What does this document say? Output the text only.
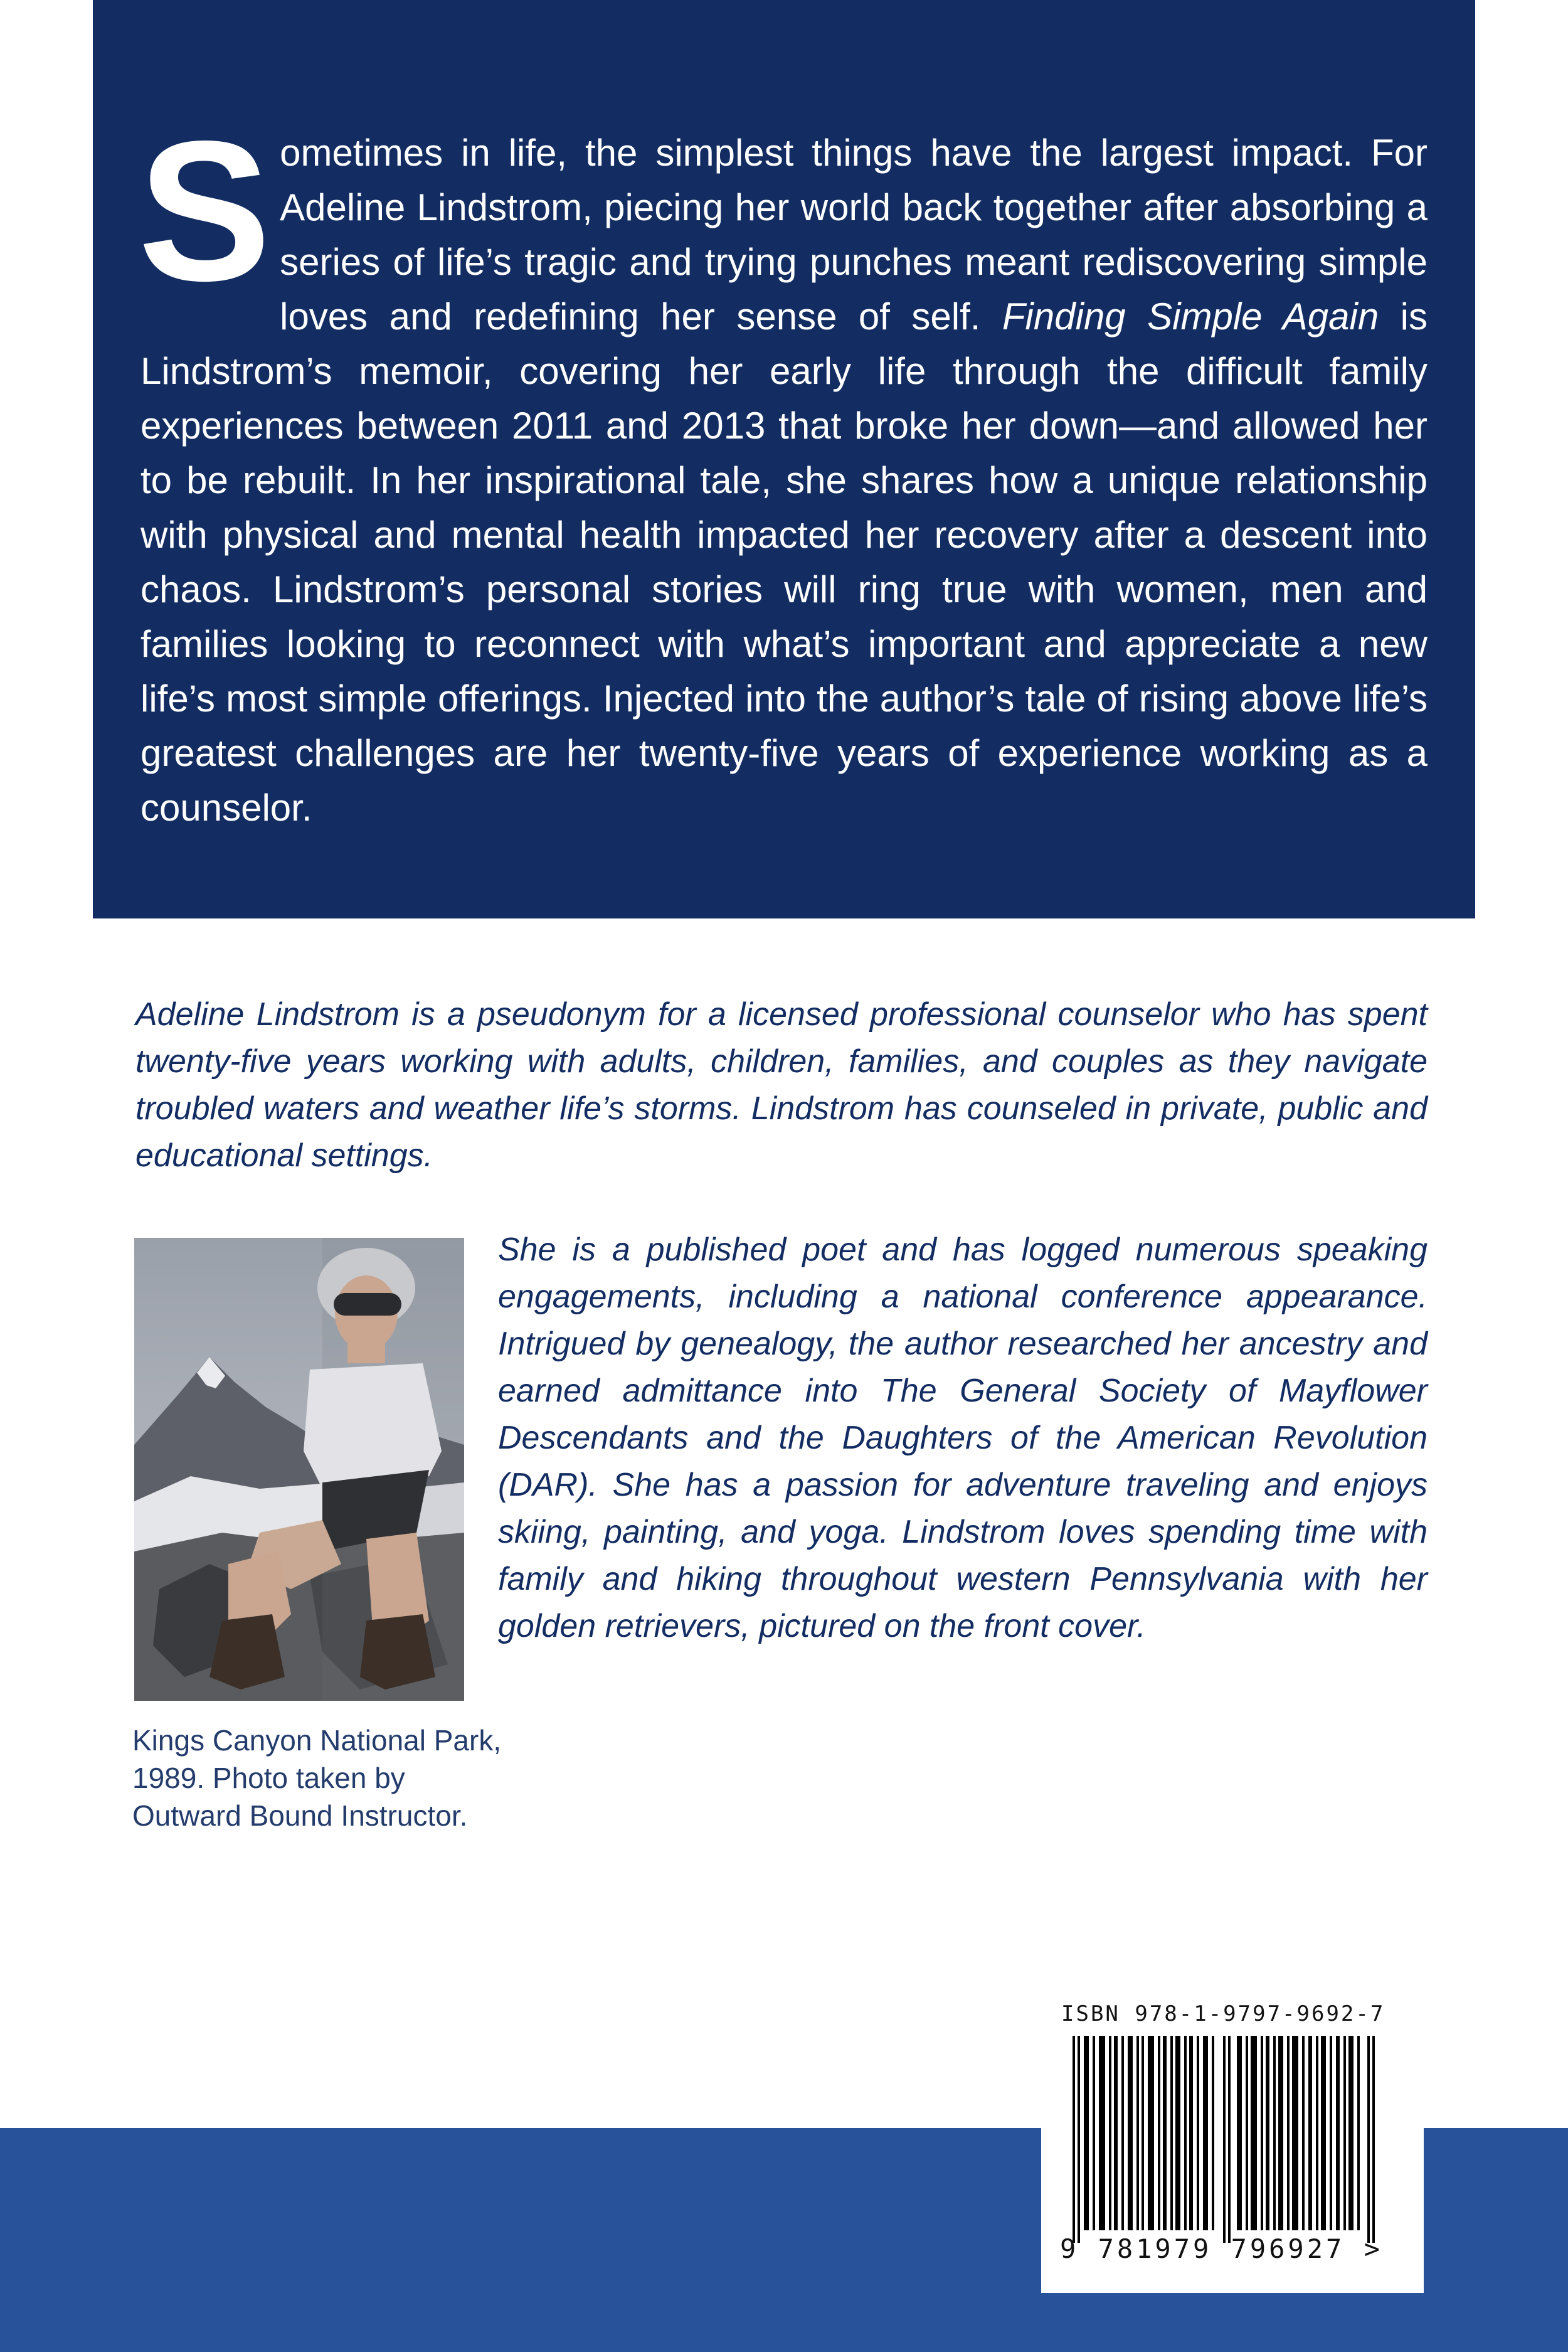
Sometimes in life, the simplest things have the largest impact. For Adeline Lindstrom, piecing her world back together after absorbing a series of life’s tragic and trying punches meant rediscovering simple loves and redefining her sense of self. Finding Simple Again is Lindstrom’s memoir, covering her early life through the difficult family experiences between 2011 and 2013 that broke her down—and allowed her to be rebuilt. In her inspirational tale, she shares how a unique relationship with physical and mental health impacted her recovery after a descent into chaos. Lindstrom’s personal stories will ring true with women, men and families looking to reconnect with what’s important and appreciate a new life’s most simple offerings. Injected into the author’s tale of rising above life’s greatest challenges are her twenty-five years of experience working as a counselor.

Adeline Lindstrom is a pseudonym for a licensed professional counselor who has spent twenty-five years working with adults, children, families, and couples as they navigate troubled waters and weather life’s storms. Lindstrom has counseled in private, public and educational settings.

She is a published poet and has logged numerous speaking engagements, including a national conference appearance. Intrigued by genealogy, the author researched her ancestry and earned admittance into The General Society of Mayflower Descendants and the Daughters of the American Revolution (DAR). She has a passion for adventure traveling and enjoys skiing, painting, and yoga. Lindstrom loves spending time with family and hiking throughout western Pennsylvania with her golden retrievers, pictured on the front cover.

Kings Canyon National Park, 1989. Photo taken by Outward Bound Instructor.

ISBN 978-1-9797-9692-7
9 781979 796927 >
